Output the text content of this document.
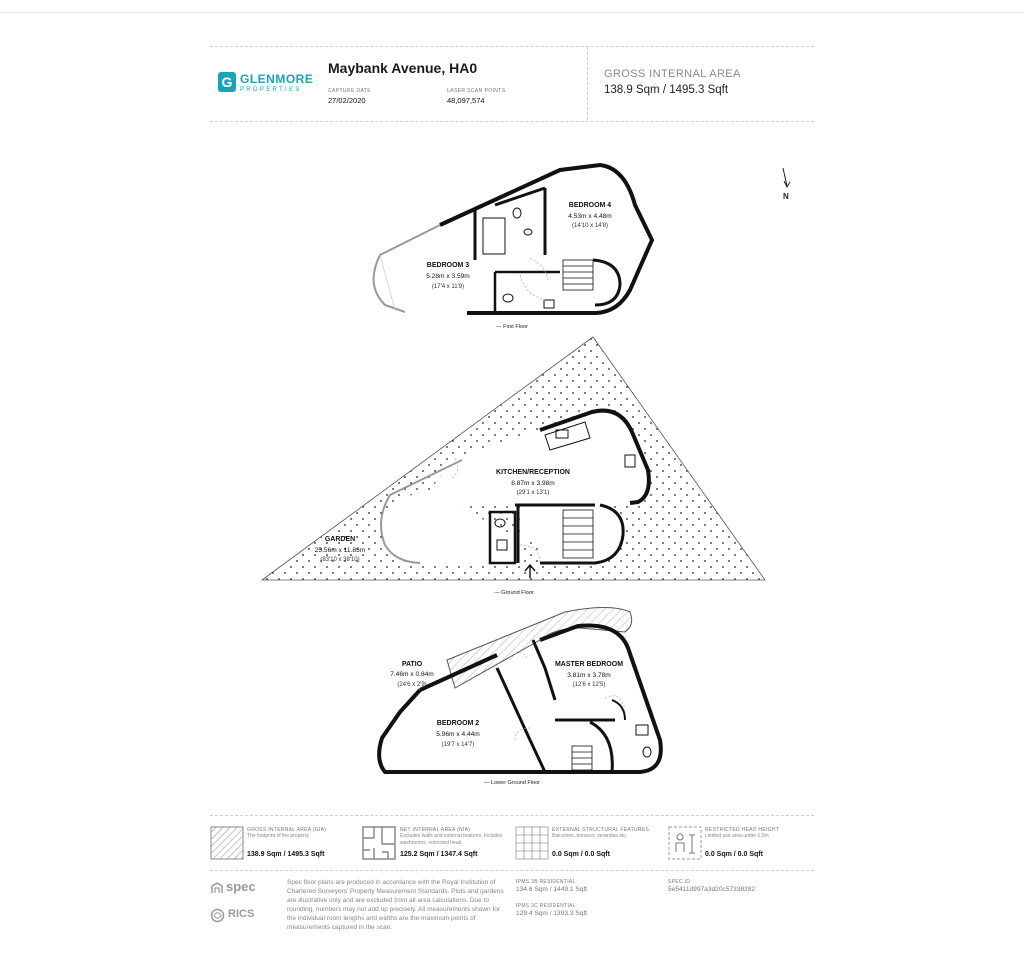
G GLENMORE
PROPERTIES
Maybank Avenue, HA0
CAPTURE DATE
27/02/2020
LASER SCAN POINTS
48,097,574
GROSS INTERNAL AREA
138.9 Sqm / 1495.3 Sqft
N
BEDROOM 4
4.53m x 4.48m
(14'10 x 14'8)
BEDROOM 3
5.28m x 3.59m
(17'4 x 11'9)
— First Floor
KITCHEN/RECEPTION
8.87m x 3.98m
(29'1 x 13'1)
GARDEN
25.56m x 11.83m
(83'10 x 38'10)
— Ground Floor
PATIO
7.46m x 0.84m
(24'6 x 2'9)
MASTER BEDROOM
3.81m x 3.78m
(12'6 x 12'5)
BEDROOM 2
5.96m x 4.44m
(19'7 x 14'7)
— Lower Ground Floor
GROSS INTERNAL AREA (GIA)
The footprint of the property.
138.9 Sqm / 1495.3 Sqft
NET INTERNAL AREA (NIA)
Excludes walls and external features. Includes washrooms, restricted head
125.2 Sqm / 1347.4 Sqft
EXTERNAL STRUCTURAL FEATURES
Balconies, terraces, verandas etc.
0.0 Sqm / 0.0 Sqft
RESTRICTED HEAD HEIGHT
Limited use area under 1.5m
0.0 Sqm / 0.0 Sqft
spec
RICS
Spec floor plans are produced in accordance with the Royal Institution of Chartered Surveyors' Property Measurement Standards. Plots and gardens are illustrative only and are excluded from all area calculations. Due to rounding, numbers may not add up precisely. All measurements shown for the individual room lengths and widths are the maximum points of measurements captured in the scan.
IPMS 3B RESIDENTIAL
134.6 Sqm / 1449.1 Sqft
IPMS 3C RESIDENTIAL
129.4 Sqm / 1393.3 Sqft
SPEC ID
5e5411d997a3d20c57338282
